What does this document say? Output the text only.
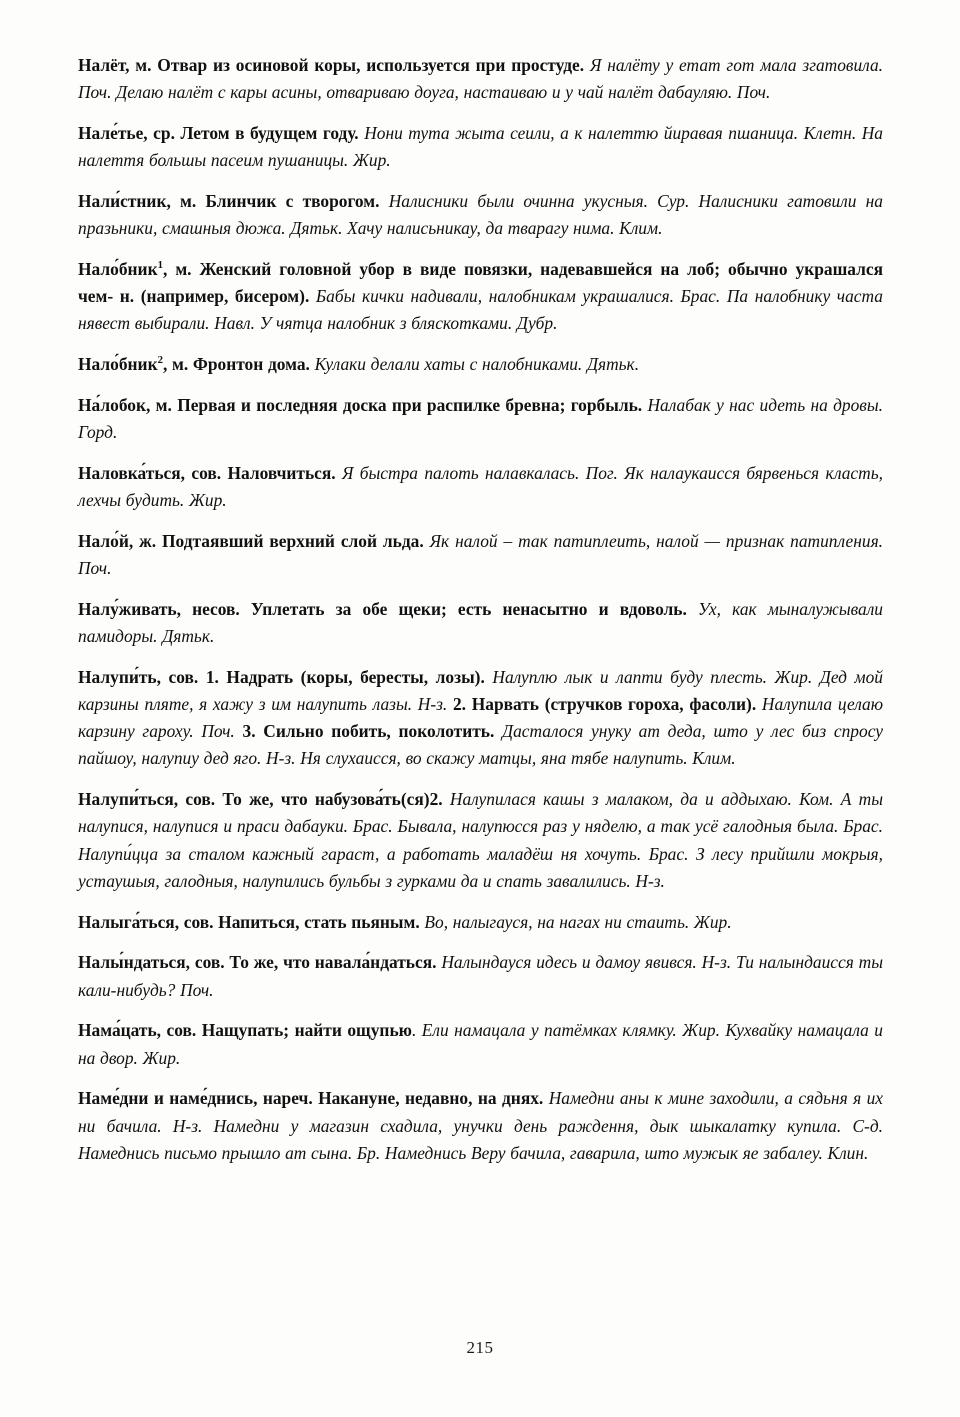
Налёт, м. Отвар из осиновой коры, используется при простуде. Я налёту у етат гот мала згатовила. Поч. Делаю налёт с кары асины, отвариваю доуга, настаиваю и у чай налёт дабауляю. Поч.

Нале́тье, ср. Летом в будущем году. Нони тута жыта сеили, а к налеттю йиравая пшаница. Клетн. На налеття большы пасеим пушаницы. Жир.

Нали́стник, м. Блинчик с творогом. Налисники были очинна укусныя. Сур. Налисники гатовили на празьники, смашныя дюжа. Дятьк. Хачу налисьникау, да тварагу нима. Клим.

Нало́бник$^1$, м. Женский головной убор в виде повязки, надевавшейся на лоб; обычно украшался чем- н. (например, бисером). Бабы кички надивали, налобникам украшалися. Брас. Па налобнику часта нявест выбирали. Навл. У чятца налобник з бляскотками. Дубр.

Нало́бник$^2$, м. Фронтон дома. Кулаки делали хаты с налобниками. Дятьк.

На́лобок, м. Первая и последняя доска при распилке бревна; горбыль. Налабак у нас идеть на дровы. Горд.

Наловка́ться, сов. Наловчиться. Я быстра палоть налавкалась. Пог. Як налаукаисся бярвенься класть, лехчы будить. Жир.

Нало́й, ж. Подтаявший верхний слой льда. Як налой – так патиплеить, налой — признак патипления. Поч.

Налу́живать, несов. Уплетать за обе щеки; есть ненасытно и вдоволь. Ух, как мыналужывали памидоры. Дятьк.

Налупи́ть, сов. 1. Надрать (коры, бересты, лозы). Налуплю лык и лапти буду плесть. Жир. Дед мой карзины пляте, я хажу з им налупить лазы. Н-з. 2. Нарвать (стручков гороха, фасоли). Налупила целаю карзину гароху. Поч. 3. Сильно побить, поколотить. Дасталося унуку ат деда, што у лес биз спросу пайшоу, налупиу дед яго. Н-з. Ня слухаисся, во скажу матцы, яна тябе налупить. Клим.

Налупи́ться, сов. То же, что набузова́ть(ся)2. Налупилася кашы з малаком, да и аддыхаю. Ком. А ты налупися, налупися и праси дабауки. Брас. Бывала, налупюсся раз у няделю, а так усё галодныя была. Брас. Налупи́цца за сталом кажный гараст, а работать маладёш ня хочуть. Брас. З лесу прийшли мокрыя, устаушыя, галодныя, налупились бульбы з гурками да и спать завалились. Н-з.

Налыга́ться, сов. Напиться, стать пьяным. Во, налыгауся, на нагах ни стаить. Жир.

Налы́ндаться, сов. То же, что навала́ндаться. Налындауся идесь и дамоу явився. Н-з. Ти налындаисся ты кали-нибудь? Поч.

Нама́цать, сов. Нащупать; найти ощупью. Ели намацала у патёмках клямку. Жир. Кухвайку намацала и на двор. Жир.

Наме́дни и наме́днись, нареч. Накануне, недавно, на днях. Намедни аны к мине заходили, а сядьня я их ни бачила. Н-з. Намедни у магазин схадила, унучки день раждення, дык шыкалатку купила. С-д. Намеднись письмо прышло ат сына. Бр. Намеднись Веру бачила, гаварила, што мужык яе забалеу. Клин.

215
